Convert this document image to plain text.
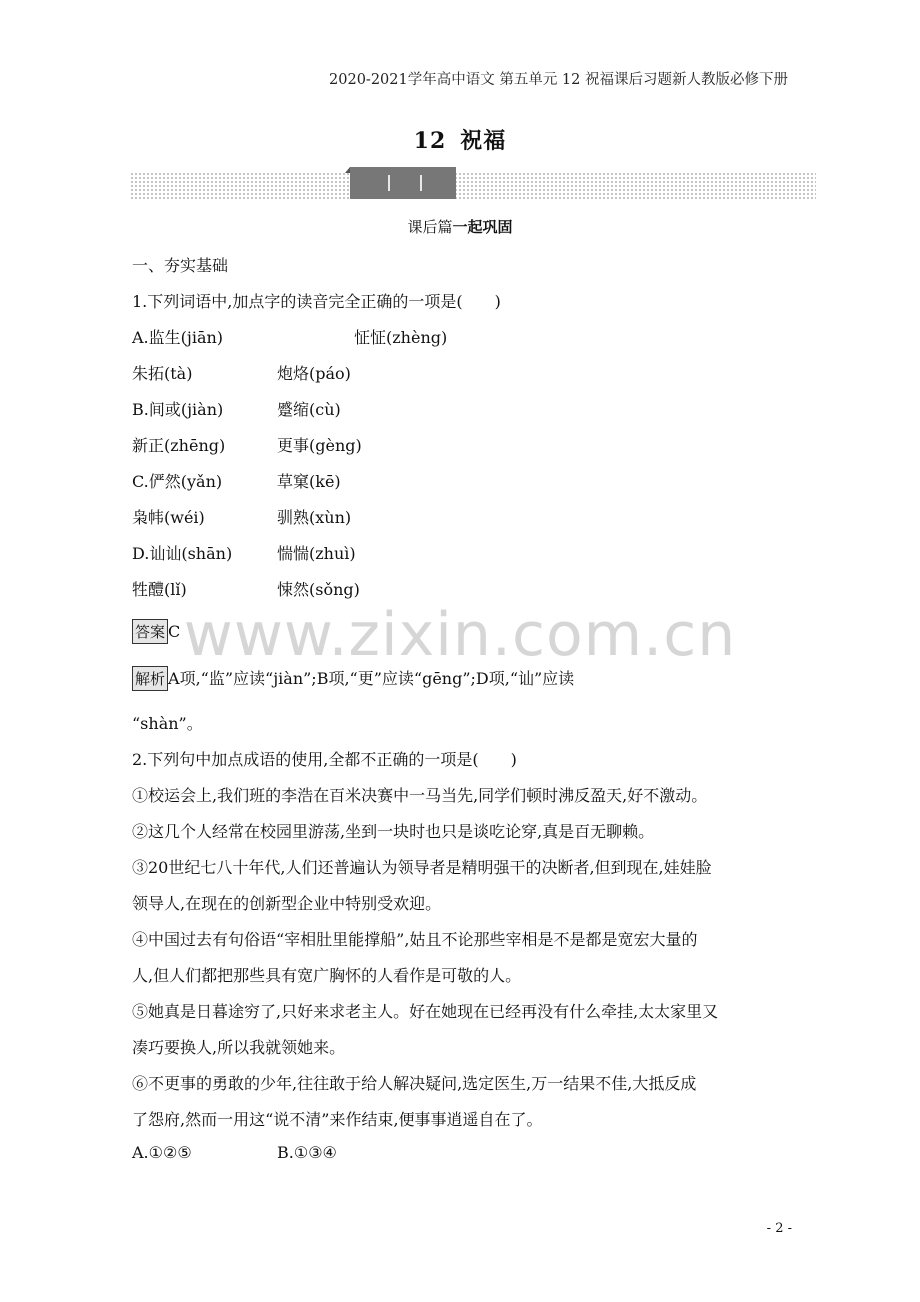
2020-2021学年高中语文 第五单元 12 祝福课后习题新人教版必修下册
12 祝福
课后篇一起巩固
一、夯实基础
1.下列词语中,加点字的读音完全正确的一项是(　　)
A.监生(jiān)	怔怔(zhèng)
朱拓(tà)	炮烙(páo)
B.间或(jiàn)	蹙缩(cù)
新正(zhēng)	更事(gèng)
C.俨然(yǎn)	草窠(kē)
枭帏(wéi)	驯熟(xùn)
D.讪讪(shān)	惴惴(zhuì)
牲醴(lǐ)	悚然(sǒng)
www.zixin.com.cn
答案 C
解析 A项,“监”应读“jiàn”;B项,“更”应读“gēng”;D项,“讪”应读
“shàn”。
2.下列句中加点成语的使用,全都不正确的一项是(　　)
①校运会上,我们班的李浩在百米决赛中一马当先,同学们顿时沸反盈天,好不激动。
②这几个人经常在校园里游荡,坐到一块时也只是谈吃论穿,真是百无聊赖。
③20世纪七八十年代,人们还普遍认为领导者是精明强干的决断者,但到现在,娃娃脸
领导人,在现在的创新型企业中特别受欢迎。
④中国过去有句俗语“宰相肚里能撑船”,姑且不论那些宰相是不是都是宽宏大量的
人,但人们都把那些具有宽广胸怀的人看作是可敬的人。
⑤她真是日暮途穷了,只好来求老主人。好在她现在已经再没有什么牵挂,太太家里又
凑巧要换人,所以我就领她来。
⑥不更事的勇敢的少年,往往敢于给人解决疑问,选定医生,万一结果不佳,大抵反成
了怨府,然而一用这“说不清”来作结束,便事事逍遥自在了。
A.①②⑤	B.①③④
- 2 -
